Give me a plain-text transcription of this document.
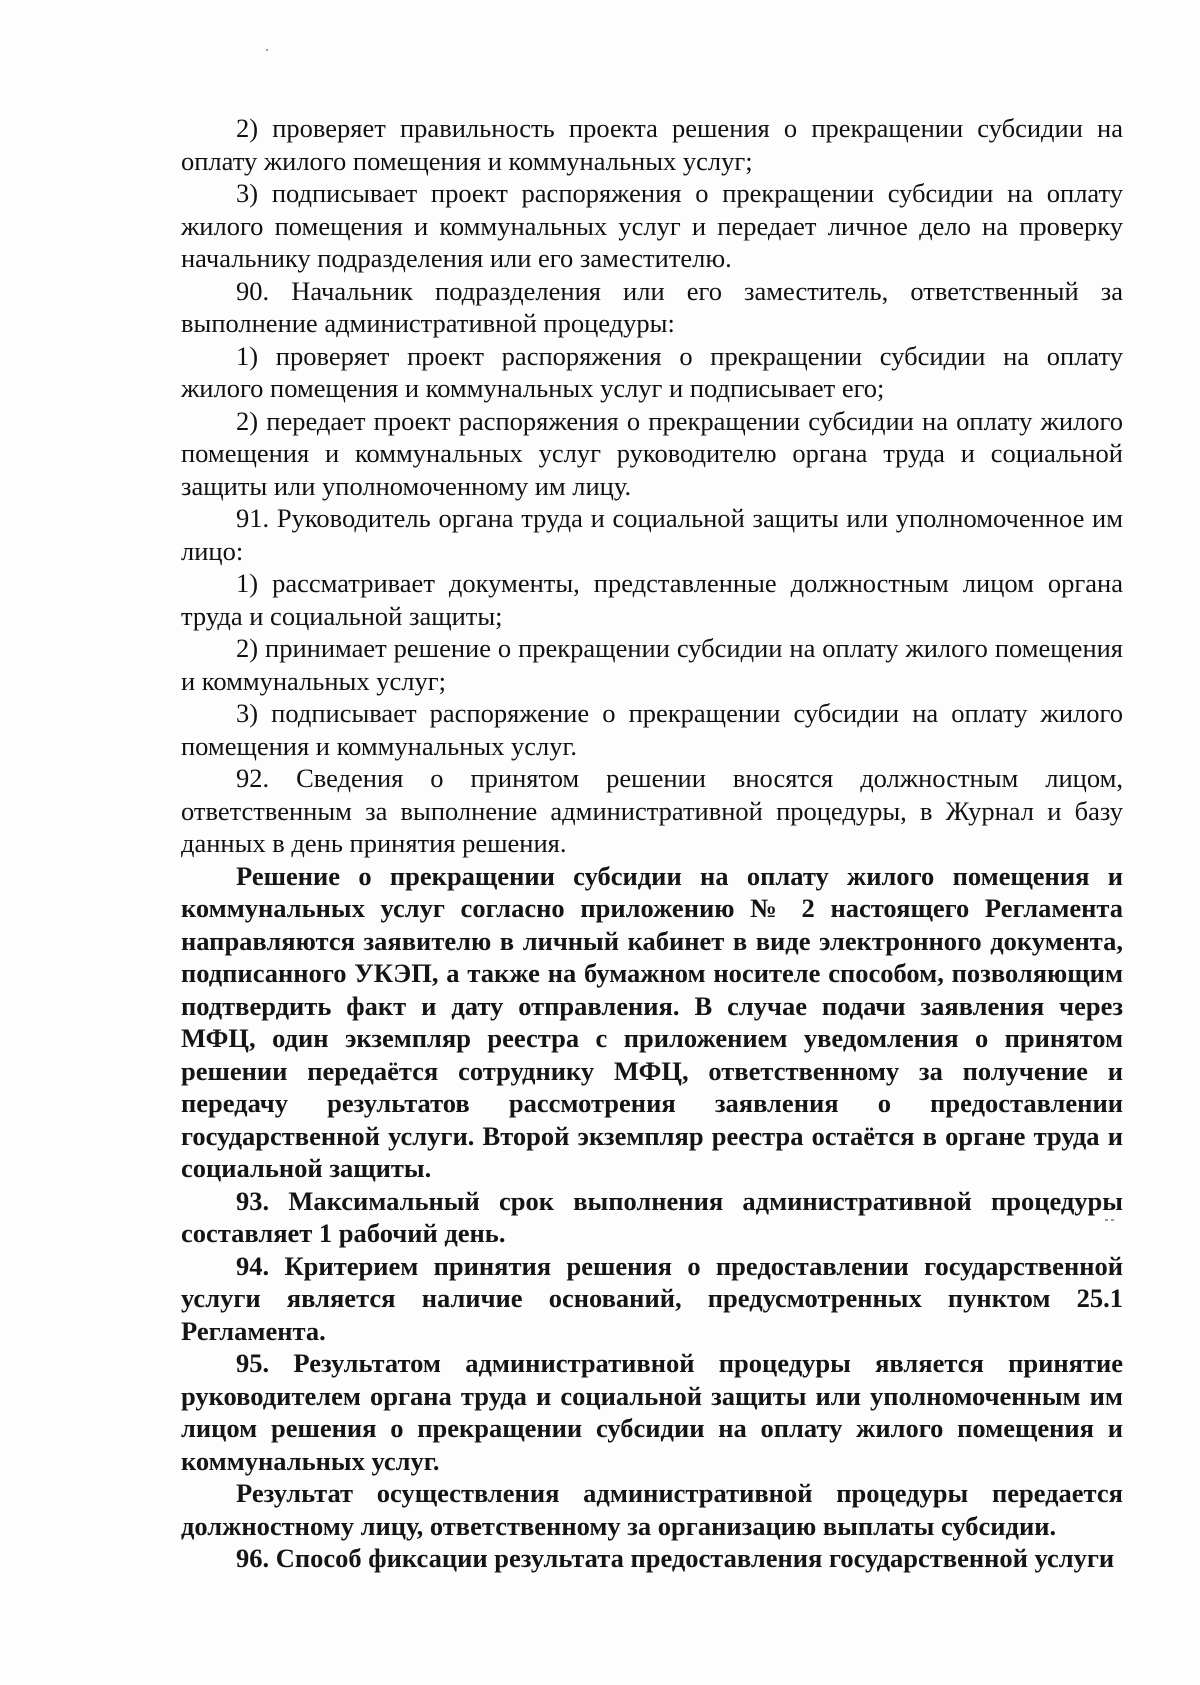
2) проверяет правильность проекта решения о прекращении субсидии на оплату жилого помещения и коммунальных услуг;

3) подписывает проект распоряжения о прекращении субсидии на оплату жилого помещения и коммунальных услуг и передает личное дело на проверку начальнику подразделения или его заместителю.

90. Начальник подразделения или его заместитель, ответственный за выполнение административной процедуры:

1) проверяет проект распоряжения о прекращении субсидии на оплату жилого помещения и коммунальных услуг и подписывает его;

2) передает проект распоряжения о прекращении субсидии на оплату жилого помещения и коммунальных услуг руководителю органа труда и социальной защиты или уполномоченному им лицу.

91. Руководитель органа труда и социальной защиты или уполномоченное им лицо:

1) рассматривает документы, представленные должностным лицом органа труда и социальной защиты;

2) принимает решение о прекращении субсидии на оплату жилого помещения и коммунальных услуг;

3) подписывает распоряжение о прекращении субсидии на оплату жилого помещения и коммунальных услуг.

92. Сведения о принятом решении вносятся должностным лицом, ответственным за выполнение административной процедуры, в Журнал и базу данных в день принятия решения.

Решение о прекращении субсидии на оплату жилого помещения и коммунальных услуг согласно приложению № 2 настоящего Регламента направляются заявителю в личный кабинет в виде электронного документа, подписанного УКЭП, а также на бумажном носителе способом, позволяющим подтвердить факт и дату отправления. В случае подачи заявления через МФЦ, один экземпляр реестра с приложением уведомления о принятом решении передаётся сотруднику МФЦ, ответственному за получение и передачу результатов рассмотрения заявления о предоставлении государственной услуги. Второй экземпляр реестра остаётся в органе труда и социальной защиты.

93. Максимальный срок выполнения административной процедуры составляет 1 рабочий день.

94. Критерием принятия решения о предоставлении государственной услуги является наличие оснований, предусмотренных пунктом 25.1 Регламента.

95. Результатом административной процедуры является принятие руководителем органа труда и социальной защиты или уполномоченным им лицом решения о прекращении субсидии на оплату жилого помещения и коммунальных услуг.

Результат осуществления административной процедуры передается должностному лицу, ответственному за организацию выплаты субсидии.

96. Способ фиксации результата предоставления государственной услуги
